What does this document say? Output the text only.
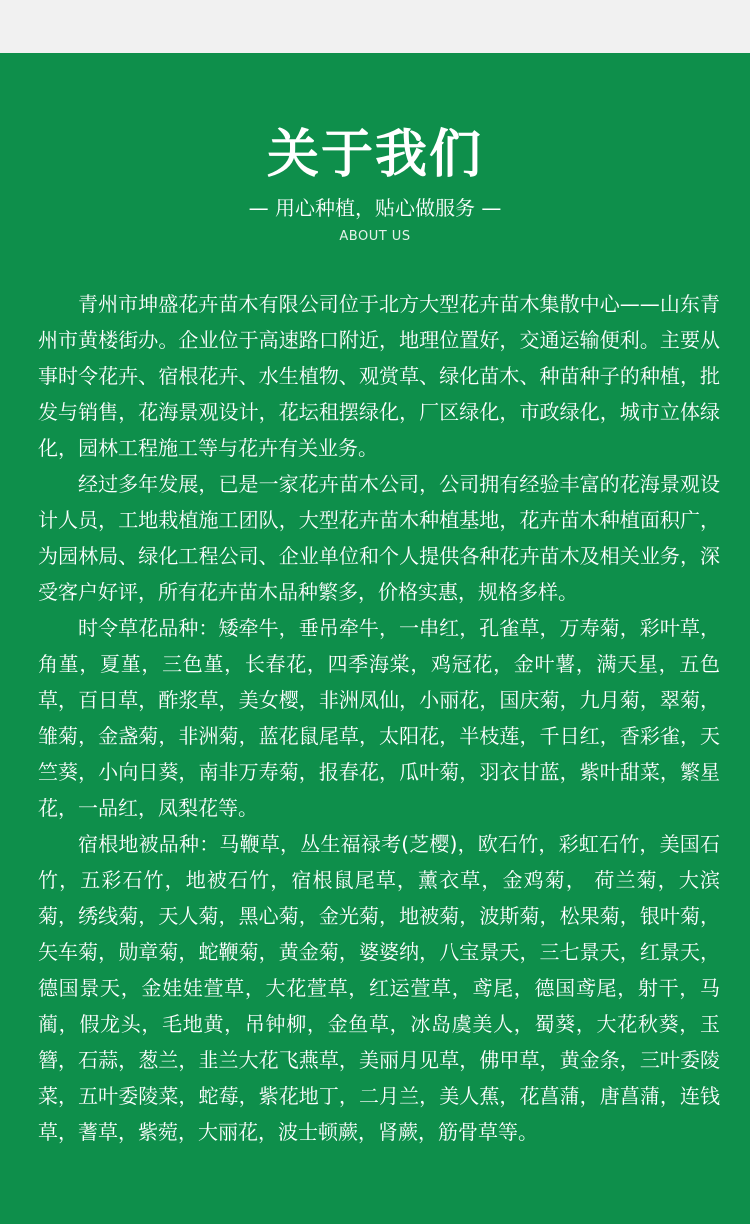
关于我们
— 用心种植，贴心做服务 —
ABOUT US

青州市坤盛花卉苗木有限公司位于北方大型花卉苗木集散中心——山东青州市黄楼街办。企业位于高速路口附近，地理位置好，交通运输便利。主要从事时令花卉、宿根花卉、水生植物、观赏草、绿化苗木、种苗种子的种植，批发与销售，花海景观设计，花坛租摆绿化，厂区绿化，市政绿化，城市立体绿化，园林工程施工等与花卉有关业务。

经过多年发展，已是一家花卉苗木公司，公司拥有经验丰富的花海景观设计人员，工地栽植施工团队，大型花卉苗木种植基地，花卉苗木种植面积广，为园林局、绿化工程公司、企业单位和个人提供各种花卉苗木及相关业务，深受客户好评，所有花卉苗木品种繁多，价格实惠，规格多样。

时令草花品种：矮牵牛，垂吊牵牛，一串红，孔雀草，万寿菊，彩叶草，角堇，夏堇，三色堇，长春花，四季海棠，鸡冠花，金叶薯，满天星，五色草，百日草，酢浆草，美女樱，非洲凤仙，小丽花，国庆菊，九月菊，翠菊，雏菊，金盏菊，非洲菊，蓝花鼠尾草，太阳花，半枝莲，千日红，香彩雀，天竺葵，小向日葵，南非万寿菊，报春花，瓜叶菊，羽衣甘蓝，紫叶甜菜，繁星花，一品红，凤梨花等。

宿根地被品种：马鞭草，丛生福禄考(芝樱)，欧石竹，彩虹石竹，美国石竹，五彩石竹，地被石竹，宿根鼠尾草，薰衣草，金鸡菊， 荷兰菊，大滨菊，绣线菊，天人菊，黑心菊，金光菊，地被菊，波斯菊，松果菊，银叶菊，矢车菊，勋章菊，蛇鞭菊，黄金菊，婆婆纳，八宝景天，三七景天，红景天，德国景天，金娃娃萱草，大花萱草，红运萱草，鸢尾，德国鸢尾，射干，马蔺，假龙头，毛地黄，吊钟柳，金鱼草，冰岛虞美人，蜀葵，大花秋葵，玉簪，石蒜，葱兰，韭兰大花飞燕草，美丽月见草，佛甲草，黄金条，三叶委陵菜，五叶委陵菜，蛇莓，紫花地丁，二月兰，美人蕉，花菖蒲，唐菖蒲，连钱草，蓍草，紫菀，大丽花，波士顿蕨，肾蕨，筋骨草等。
